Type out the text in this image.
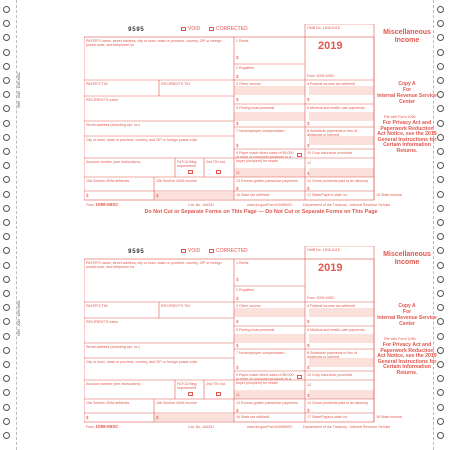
9595 · 2019 · 1099-MISC
9595 · 2019 · 1099-MISC
9595	VOID	CORRECTED
PAYER'S name, street address, city or town, state or province, country, ZIP or foreign postal code, and telephone no.
1 Rents
$
2 Royalties
$
3 Other income
$
4 Federal income tax withheld
$
PAYER'S TIN	RECIPIENT'S TIN
RECIPIENT'S name
Street address (including apt. no.)
City or town, state or province, country, and ZIP or foreign postal code
Account number (see instructions)	FATCA filing requirement
2nd TIN not.
5 Fishing boat proceeds
$
6 Medical and health care payments
$
7 Nonemployee compensation
$
8 Substitute payments in lieu of dividends or interest
$
9 Payer made direct sales of $5,000 or more of consumer products to a buyer (recipient) for resale
10 Crop insurance proceeds
$
11
12
13 Excess golden parachute payments
$
14 Gross proceeds paid to an attorney
$
15a Section 409A deferrals
$
15b Section 409A income
$	16 State tax withheld	17 State/Payer's state no.	18 State income
OMB No. 1545-0115
2019
Form 1099-MISC
Miscellaneous Income
Copy A
For
Internal Revenue Service Center
File with Form 1096.
For Privacy Act and Paperwork Reduction Act Notice, see the 2019 General Instructions for Certain Information Returns.
Form 1099-MISC	Cat. No. 14425J	www.irs.gov/Form1099MISC	Department of the Treasury - Internal Revenue Service
Do Not Cut or Separate Forms on This Page — Do Not Cut or Separate Forms on This Page
9595	VOID	CORRECTED
PAYER'S name, street address, city or town, state or province, country, ZIP or foreign postal code, and telephone no.
1 Rents
$
2 Royalties
$
3 Other income
$
4 Federal income tax withheld
$
PAYER'S TIN	RECIPIENT'S TIN
RECIPIENT'S name
Street address (including apt. no.)
City or town, state or province, country, and ZIP or foreign postal code
Account number (see instructions)	FATCA filing requirement
2nd TIN not.
5 Fishing boat proceeds
$
6 Medical and health care payments
$
7 Nonemployee compensation
$
8 Substitute payments in lieu of dividends or interest
$
9 Payer made direct sales of $5,000 or more of consumer products to a buyer (recipient) for resale
10 Crop insurance proceeds
$
11
12
13 Excess golden parachute payments
$
14 Gross proceeds paid to an attorney
$
15a Section 409A deferrals
$
15b Section 409A income
$	16 State tax withheld	17 State/Payer's state no.	18 State income
OMB No. 1545-0115
2019
Form 1099-MISC
Miscellaneous Income
Copy A
For
Internal Revenue Service Center
File with Form 1096.
For Privacy Act and Paperwork Reduction Act Notice, see the 2019 General Instructions for Certain Information Returns.
Form 1099-MISC	Cat. No. 14425J	www.irs.gov/Form1099MISC	Department of the Treasury - Internal Revenue Service
